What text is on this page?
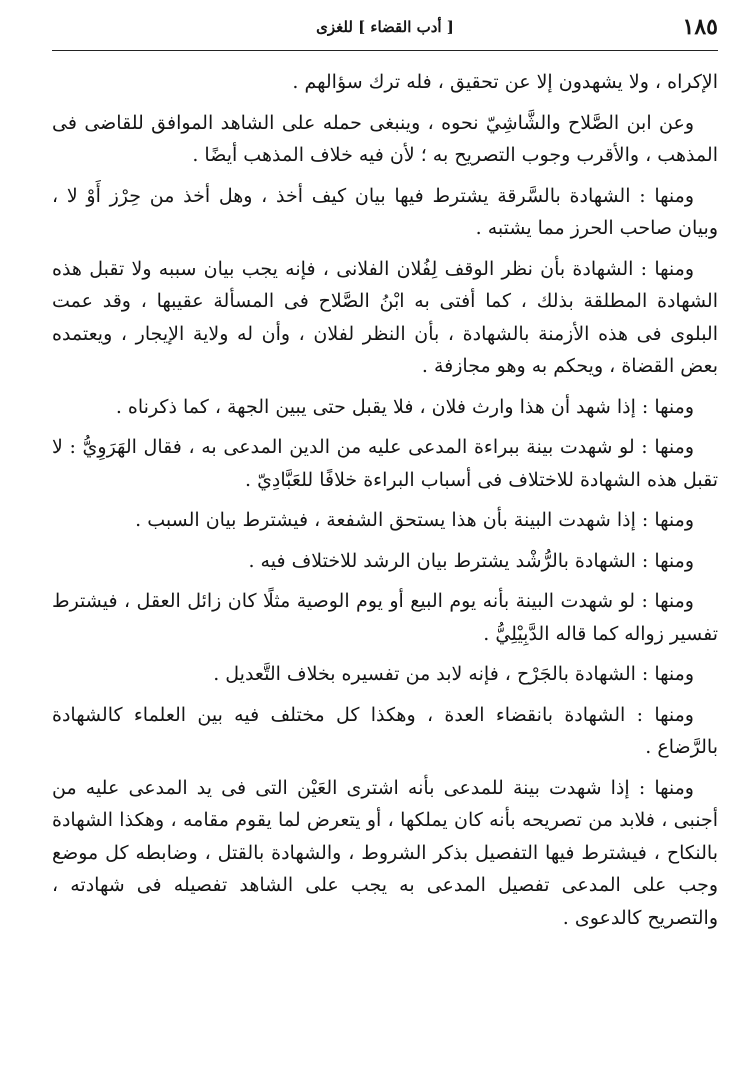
١٨٥
[ أدب القضاء ] للغزى

الإكراه ، ولا يشهدون إلا عن تحقيق ، فله ترك سؤالهم .

وعن ابن الصَّلاح والشَّاشِيّ نحوه ، وينبغى حمله على الشاهد الموافق للقاضى فى المذهب ، والأقرب وجوب التصريح به ؛ لأن فيه خلاف المذهب أيضًا .

ومنها : الشهادة بالسَّرقة يشترط فيها بيان كيف أخذ ، وهل أخذ من حِرْز أَوْ لا ، وبيان صاحب الحرز مما يشتبه .

ومنها : الشهادة بأن نظر الوقف لِفُلان الفلانى ، فإنه يجب بيان سببه ولا تقبل هذه الشهادة المطلقة بذلك ، كما أفتى به ابْنُ الصَّلاح فى المسألة عقيبها ، وقد عمت البلوى فى هذه الأزمنة بالشهادة ، بأن النظر لفلان ، وأن له ولاية الإيجار ، ويعتمده بعض القضاة ، ويحكم به وهو مجازفة .

ومنها : إذا شهد أن هذا وارث فلان ، فلا يقبل حتى يبين الجهة ، كما ذكرناه .

ومنها : لو شهدت بينة ببراءة المدعى عليه من الدين المدعى به ، فقال الهَرَوِيُّ : لا تقبل هذه الشهادة للاختلاف فى أسباب البراءة خلافًا للعَبَّادِيّ .

ومنها : إذا شهدت البينة بأن هذا يستحق الشفعة ، فيشترط بيان السبب .

ومنها : الشهادة بالرُّشْد يشترط بيان الرشد للاختلاف فيه .

ومنها : لو شهدت البينة بأنه يوم البيع أو يوم الوصية مثلًا كان زائل العقل ، فيشترط تفسير زواله كما قاله الدَّبِيْلِيُّ .

ومنها : الشهادة بالجَرْح ، فإنه لابد من تفسيره بخلاف التَّعديل .

ومنها : الشهادة بانقضاء العدة ، وهكذا كل مختلف فيه بين العلماء كالشهادة بالرَّضاع .

ومنها : إذا شهدت بينة للمدعى بأنه اشترى العَيْن التى فى يد المدعى عليه من أجنبى ، فلابد من تصريحه بأنه كان يملكها ، أو يتعرض لما يقوم مقامه ، وهكذا الشهادة بالنكاح ، فيشترط فيها التفصيل بذكر الشروط ، والشهادة بالقتل ، وضابطه كل موضع وجب على المدعى تفصيل المدعى به يجب على الشاهد تفصيله فى شهادته ، والتصريح كالدعوى .
